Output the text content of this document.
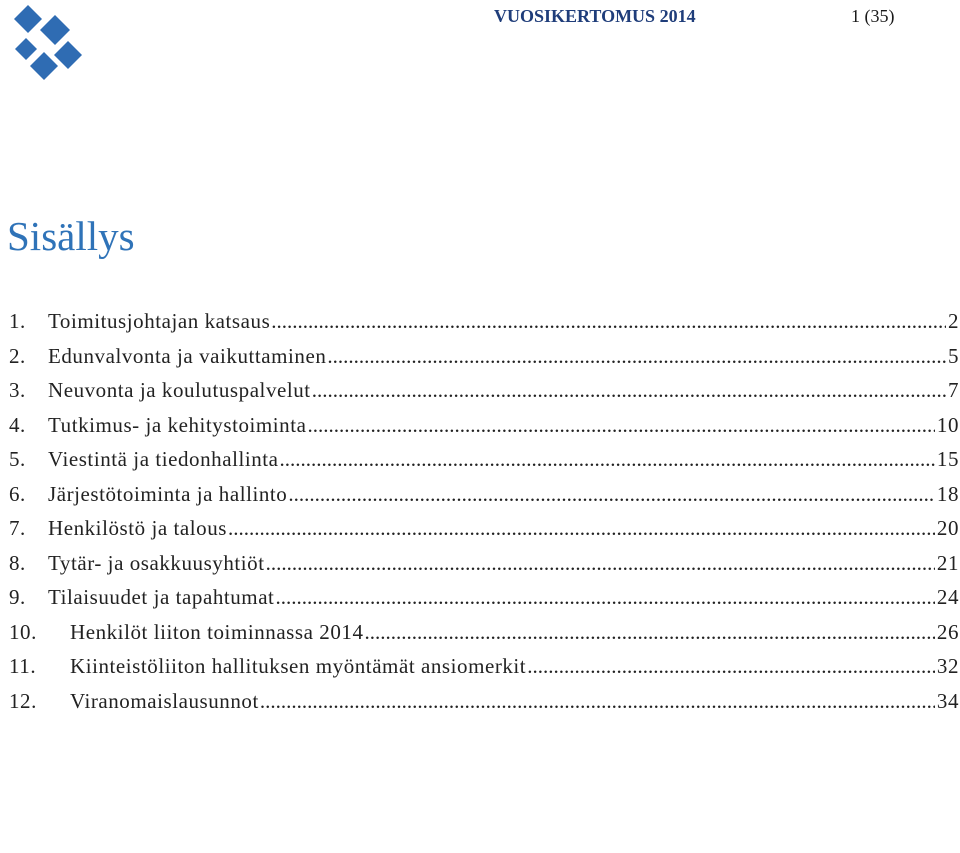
VUOSIKERTOMUS 2014	1 (35)
Sisällys
1.	Toimitusjohtajan katsaus .....	2
2.	Edunvalvonta ja vaikuttaminen .....	5
3.	Neuvonta ja koulutuspalvelut .....	7
4.	Tutkimus- ja kehitystoiminta .....	10
5.	Viestintä ja tiedonhallinta .....	15
6.	Järjestötoiminta ja hallinto .....	18
7.	Henkilöstö ja talous .....	20
8.	Tytär- ja osakkuusyhtiöt .....	21
9.	Tilaisuudet ja tapahtumat .....	24
10.	Henkilöt liiton toiminnassa 2014 .....	26
11.	Kiinteistöliiton hallituksen myöntämät ansiomerkit .....	32
12.	Viranomaislausunnot .....	34
